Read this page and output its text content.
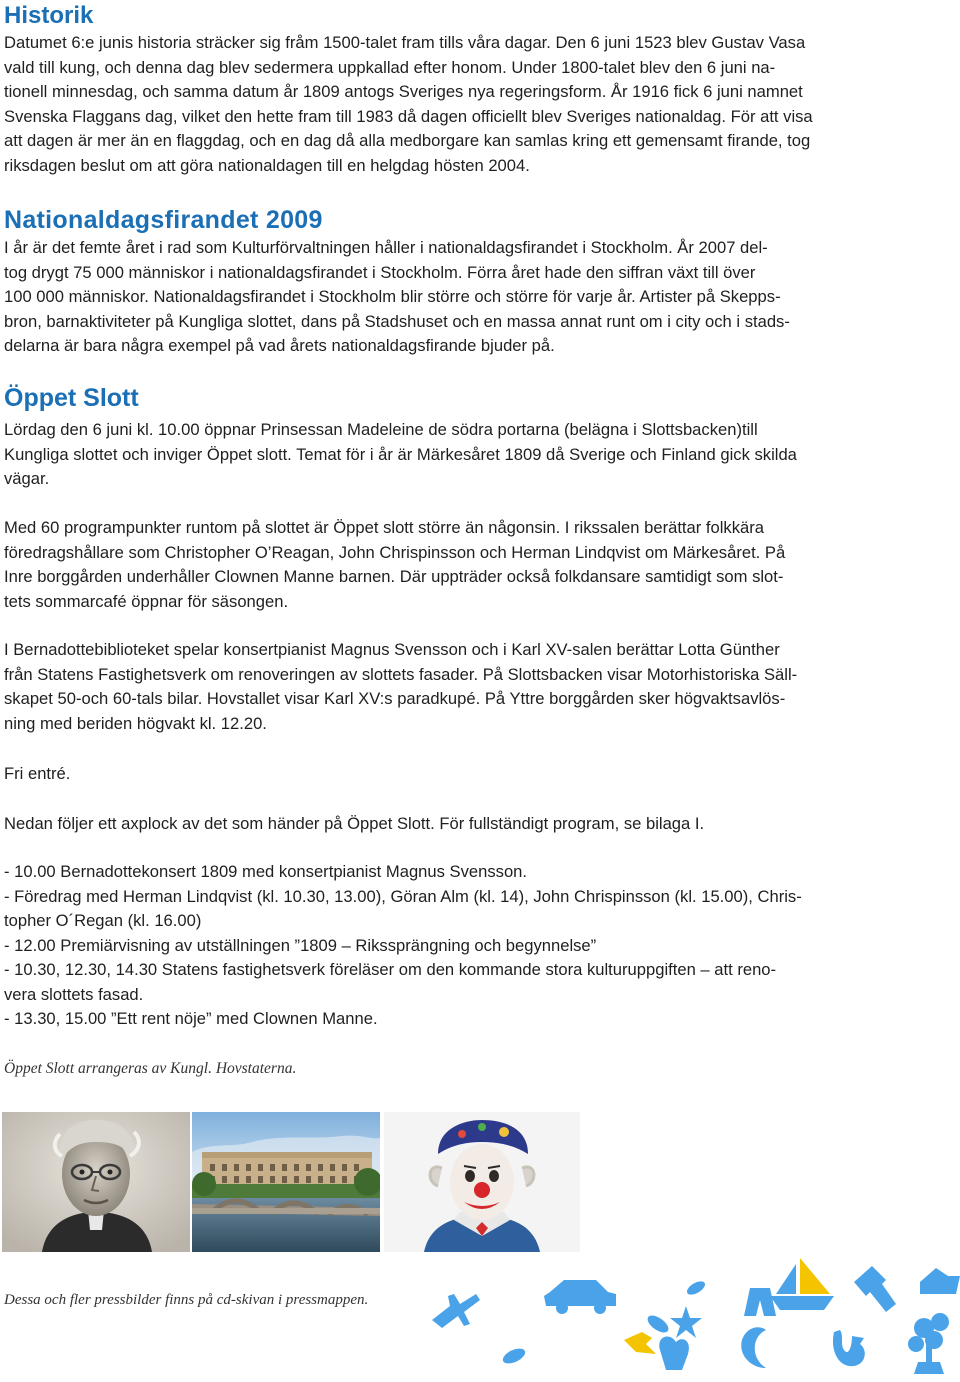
Historik

Datumet 6:e junis historia sträcker sig fråm 1500-talet fram tills våra dagar. Den 6 juni 1523 blev Gustav Vasa
vald till kung, och denna dag blev sedermera uppkallad efter honom. Under 1800-talet blev den 6 juni na-
tionell minnesdag, och samma datum år 1809 antogs Sveriges nya regeringsform. År 1916 fick 6 juni namnet
Svenska Flaggans dag, vilket den hette fram till 1983 då dagen officiellt blev Sveriges nationaldag. För att visa
att dagen är mer än en flaggdag, och en dag då alla medborgare kan samlas kring ett gemensamt firande, tog
riksdagen beslut om att göra nationaldagen till en helgdag hösten 2004.

Nationaldagsfirandet 2009

I år är det femte året i rad som Kulturförvaltningen håller i nationaldagsfirandet i Stockholm. År 2007 del-
tog drygt 75 000 människor i nationaldagsfirandet i Stockholm. Förra året hade den siffran växt till över
100 000 människor. Nationaldagsfirandet i Stockholm blir större och större för varje år. Artister på Skepps-
bron, barnaktiviteter på Kungliga slottet, dans på Stadshuset och en massa annat runt om i city och i stads-
delarna är bara några exempel på vad årets nationaldagsfirande bjuder på.

Öppet Slott

Lördag den 6 juni kl. 10.00 öppnar Prinsessan Madeleine de södra portarna (belägna i Slottsbacken)till
Kungliga slottet och inviger Öppet slott. Temat för i år är Märkesåret 1809 då Sverige och Finland gick skilda
vägar.

Med 60 programpunkter runtom på slottet är Öppet slott större än någonsin. I rikssalen berättar folkkära
föredragshållare som Christopher O’Reagan, John Chrispinsson och Herman Lindqvist om Märkesåret. På
Inre borggården underhåller Clownen Manne barnen. Där uppträder också folkdansare samtidigt som slot-
tets sommarcafé öppnar för säsongen.

I Bernadottebiblioteket spelar konsertpianist Magnus Svensson och i Karl XV-salen berättar Lotta Günther
från Statens Fastighetsverk om renoveringen av slottets fasader. På Slottsbacken visar Motorhistoriska Säll-
skapet 50-och 60-tals bilar. Hovstallet visar Karl XV:s paradkupé. På Yttre borggården sker högvaktsavlös-
ning med beriden högvakt kl. 12.20.

Fri entré.

Nedan följer ett axplock av det som händer på Öppet Slott. För fullständigt program, se bilaga I.

- 10.00 Bernadottekonsert 1809 med konsertpianist Magnus Svensson.
- Föredrag med Herman Lindqvist (kl. 10.30, 13.00), Göran Alm (kl. 14), John Chrispinsson (kl. 15.00), Chris-
topher O´Regan (kl. 16.00)
- 12.00 Premiärvisning av utställningen ”1809 – Rikssprängning och begynnelse”
- 10.30, 12.30, 14.30 Statens fastighetsverk föreläser om den kommande stora kulturuppgiften – att reno-
vera slottets fasad.
- 13.30, 15.00 ”Ett rent nöje” med Clownen Manne.

Öppet Slott arrangeras av Kungl. Hovstaterna.

Dessa och fler pressbilder finns på cd-skivan i pressmappen.
